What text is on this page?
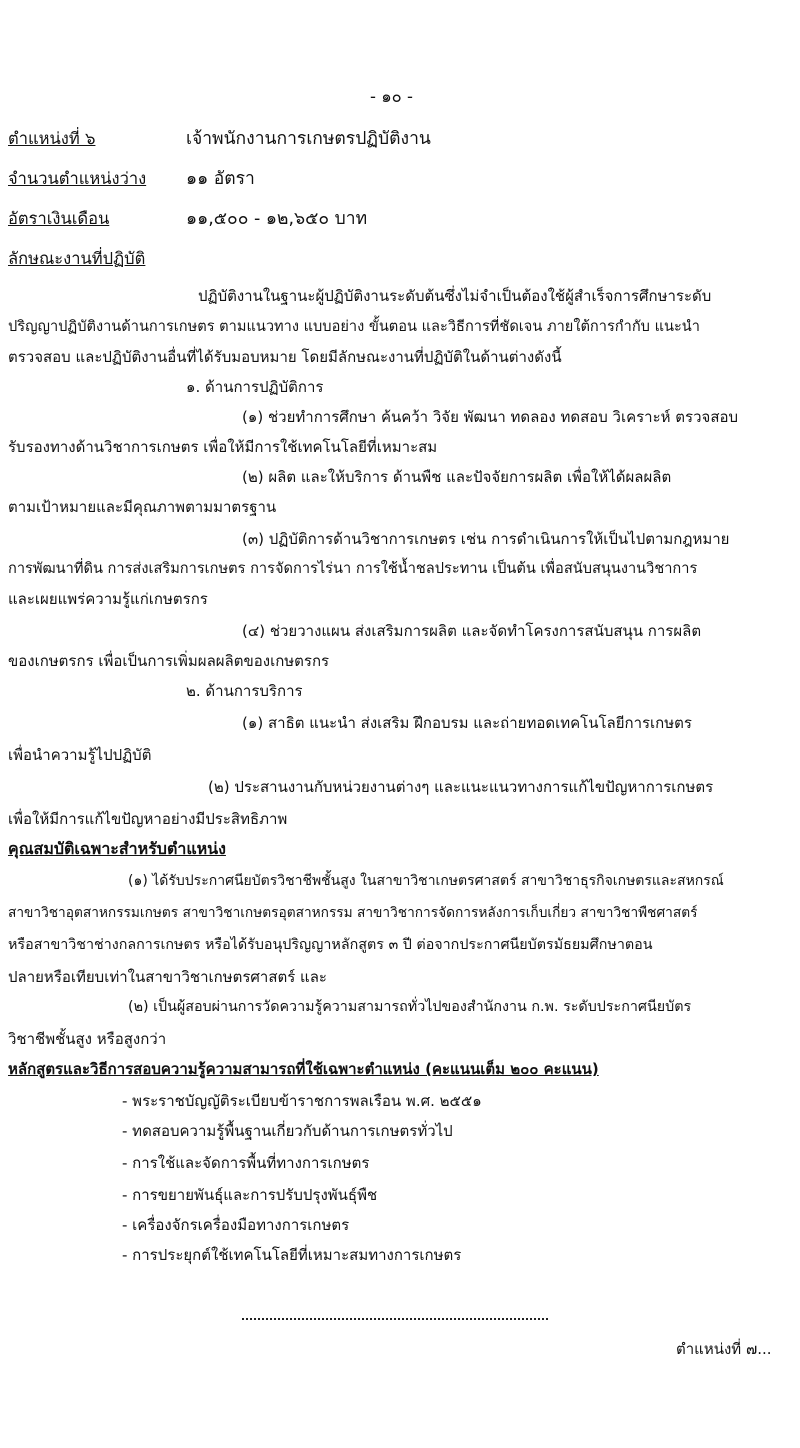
- ๑๐ -
ตำแหน่งที่ ๖	เจ้าพนักงานการเกษตรปฏิบัติงาน
จำนวนตำแหน่งว่าง ๑๑ อัตรา
อัตราเงินเดือน	๑๑,๕๐๐ - ๑๒,๖๕๐ บาท
ลักษณะงานที่ปฏิบัติ
ปฏิบัติงานในฐานะผู้ปฏิบัติงานระดับต้นซึ่งไม่จำเป็นต้องใช้ผู้สำเร็จการศึกษาระดับ
ปริญญาปฏิบัติงานด้านการเกษตร ตามแนวทาง แบบอย่าง ขั้นตอน และวิธีการที่ชัดเจน ภายใต้การกำกับ แนะนำ
ตรวจสอบ และปฏิบัติงานอื่นที่ได้รับมอบหมาย โดยมีลักษณะงานที่ปฏิบัติในด้านต่างดังนี้
๑. ด้านการปฏิบัติการ
(๑) ช่วยทำการศึกษา ค้นคว้า วิจัย พัฒนา ทดลอง ทดสอบ วิเคราะห์ ตรวจสอบ
รับรองทางด้านวิชาการเกษตร เพื่อให้มีการใช้เทคโนโลยีที่เหมาะสม
(๒) ผลิต และให้บริการ ด้านพืช และปัจจัยการผลิต เพื่อให้ได้ผลผลิต
ตามเป้าหมายและมีคุณภาพตามมาตรฐาน
(๓) ปฏิบัติการด้านวิชาการเกษตร เช่น การดำเนินการให้เป็นไปตามกฎหมาย
การพัฒนาที่ดิน การส่งเสริมการเกษตร การจัดการไร่นา การใช้น้ำชลประทาน เป็นต้น เพื่อสนับสนุนงานวิชาการ
และเผยแพร่ความรู้แก่เกษตรกร
(๔) ช่วยวางแผน ส่งเสริมการผลิต และจัดทำโครงการสนับสนุน การผลิต
ของเกษตรกร เพื่อเป็นการเพิ่มผลผลิตของเกษตรกร
๒. ด้านการบริการ
(๑) สาธิต แนะนำ ส่งเสริม ฝึกอบรม และถ่ายทอดเทคโนโลยีการเกษตร
เพื่อนำความรู้ไปปฏิบัติ
(๒) ประสานงานกับหน่วยงานต่างๆ และแนะแนวทางการแก้ไขปัญหาการเกษตร
เพื่อให้มีการแก้ไขปัญหาอย่างมีประสิทธิภาพ
คุณสมบัติเฉพาะสำหรับตำแหน่ง
(๑) ได้รับประกาศนียบัตรวิชาชีพชั้นสูง ในสาขาวิชาเกษตรศาสตร์ สาขาวิชาธุรกิจเกษตรและสหกรณ์
สาขาวิชาอุตสาหกรรมเกษตร สาขาวิชาเกษตรอุตสาหกรรม สาขาวิชาการจัดการหลังการเก็บเกี่ยว สาขาวิชาพืชศาสตร์
หรือสาขาวิชาช่างกลการเกษตร หรือได้รับอนุปริญญาหลักสูตร ๓ ปี ต่อจากประกาศนียบัตรมัธยมศึกษาตอน
ปลายหรือเทียบเท่าในสาขาวิชาเกษตรศาสตร์ และ
(๒) เป็นผู้สอบผ่านการวัดความรู้ความสามารถทั่วไปของสำนักงาน ก.พ. ระดับประกาศนียบัตร
วิชาชีพชั้นสูง หรือสูงกว่า
หลักสูตรและวิธีการสอบความรู้ความสามารถที่ใช้เฉพาะตำแหน่ง (คะแนนเต็ม ๒๐๐ คะแนน)
- พระราชบัญญัติระเบียบข้าราชการพลเรือน พ.ศ. ๒๕๕๑
- ทดสอบความรู้พื้นฐานเกี่ยวกับด้านการเกษตรทั่วไป
- การใช้และจัดการพื้นที่ทางการเกษตร
- การขยายพันธุ์และการปรับปรุงพันธุ์พืช
- เครื่องจักรเครื่องมือทางการเกษตร
- การประยุกต์ใช้เทคโนโลยีที่เหมาะสมทางการเกษตร
ตำแหน่งที่ ๗...
